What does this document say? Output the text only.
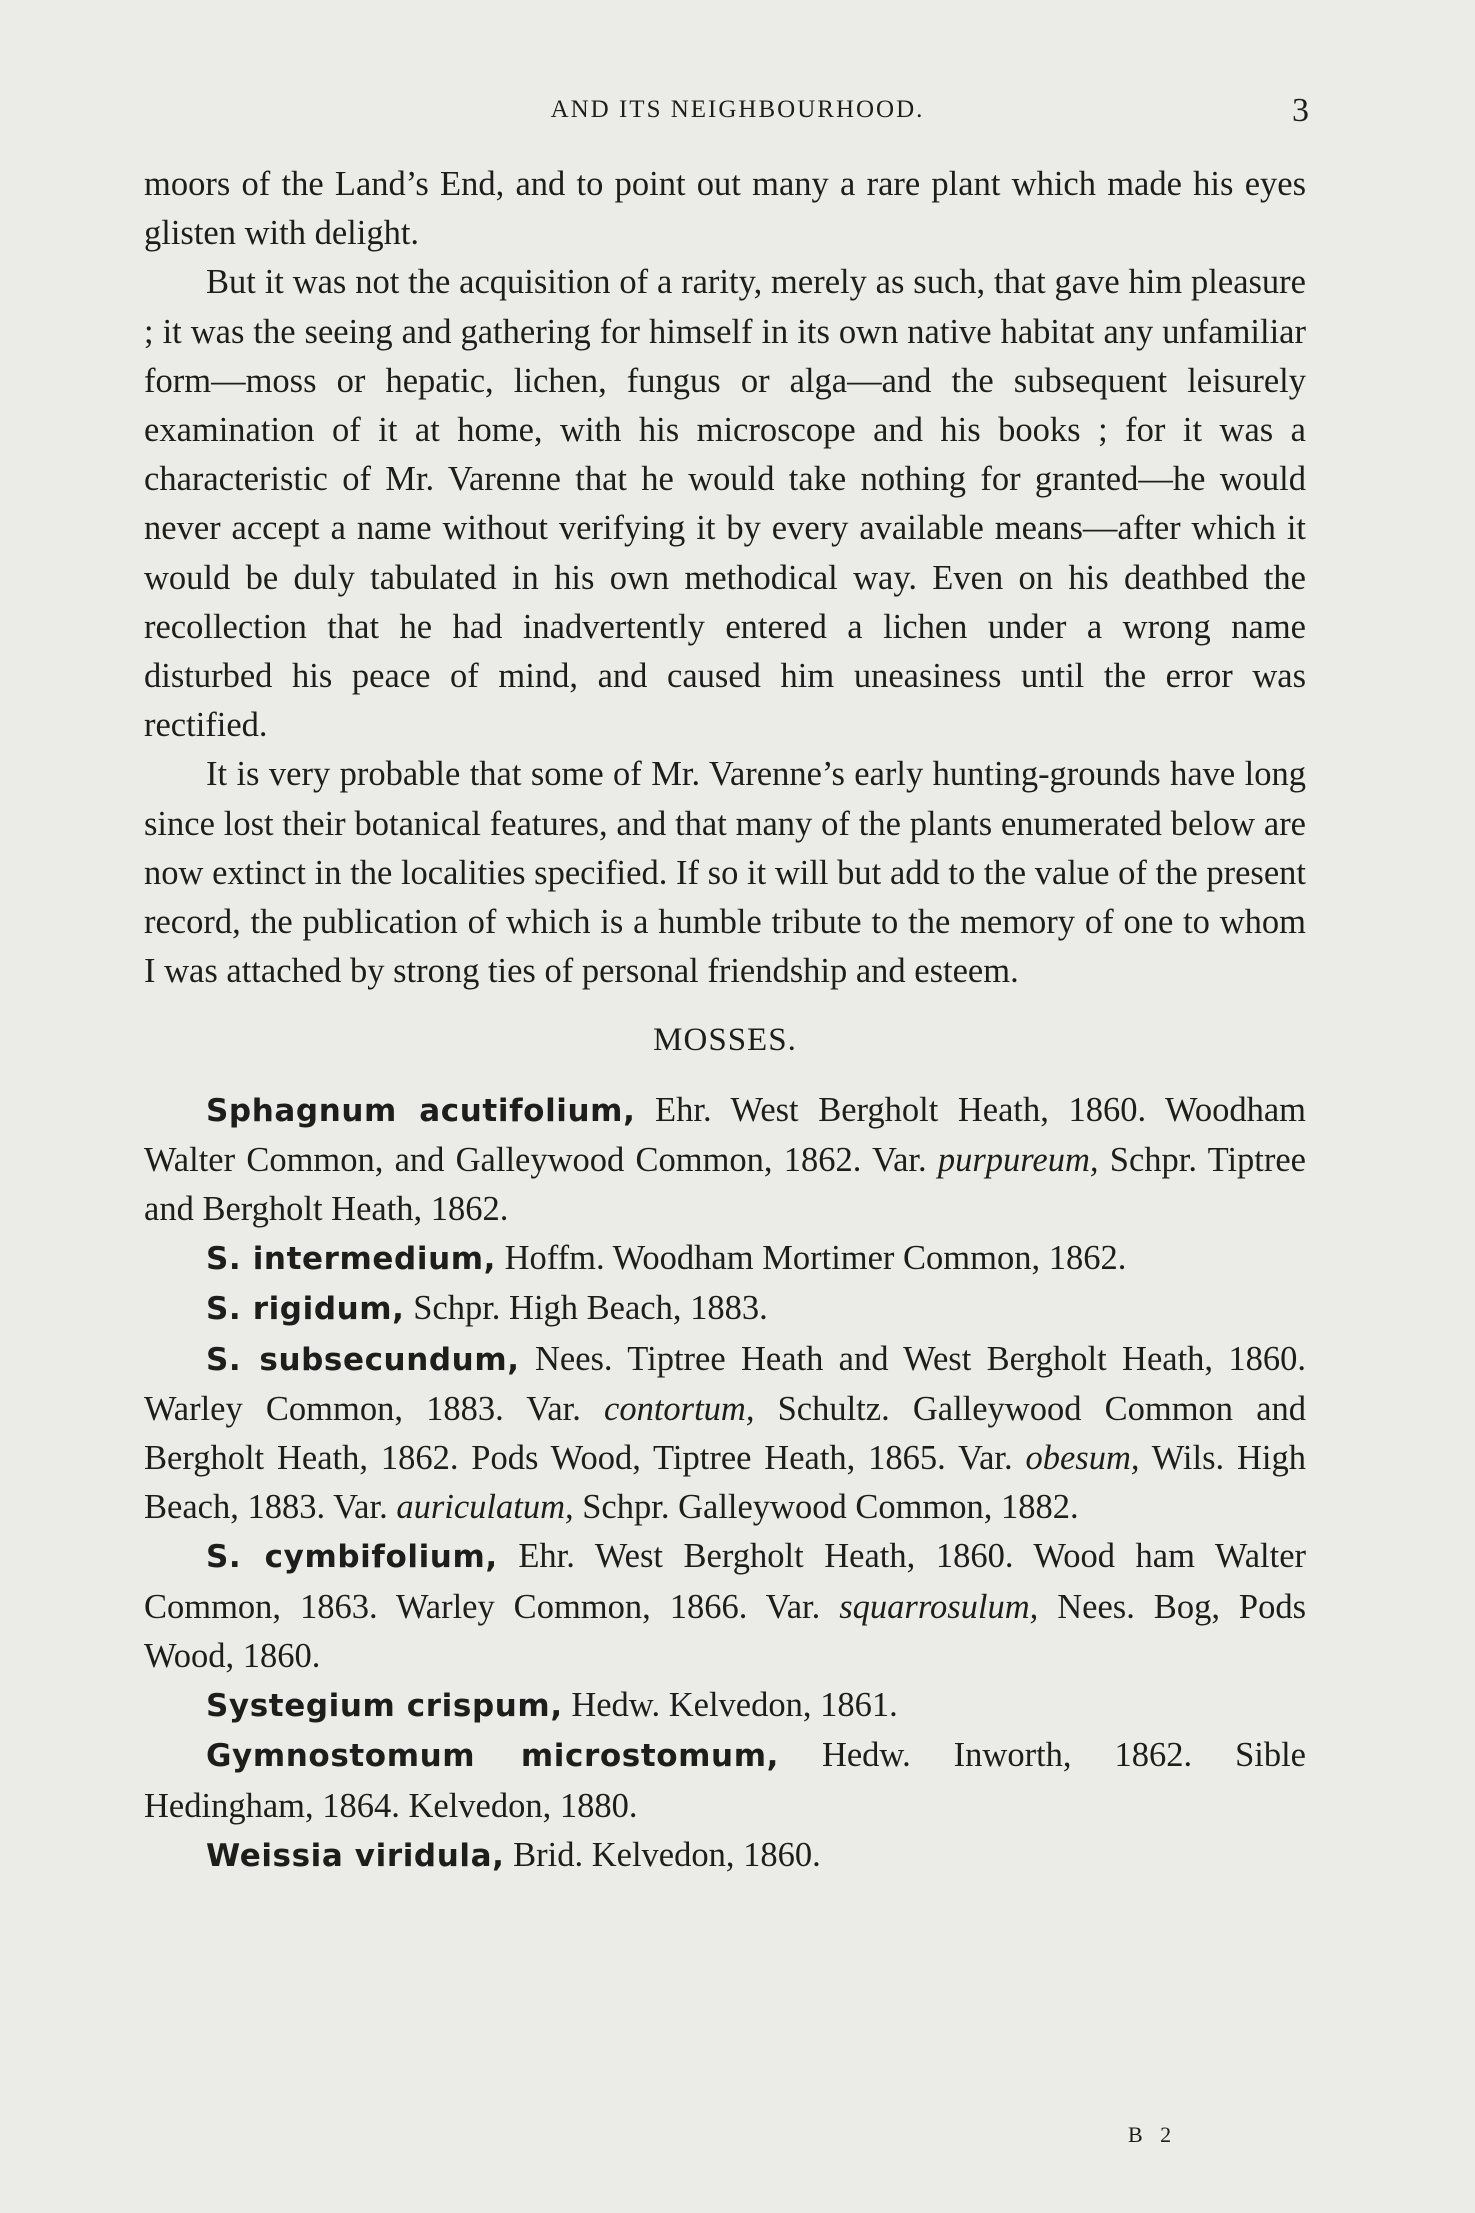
AND ITS NEIGHBOURHOOD.	3

moors of the Land’s End, and to point out many a rare plant which made his eyes glisten with delight.

But it was not the acquisition of a rarity, merely as such, that gave him pleasure ; it was the seeing and gathering for himself in its own native habitat any unfamiliar form—moss or hepatic, lichen, fungus or alga—and the subsequent leisurely examination of it at home, with his microscope and his books ; for it was a characteristic of Mr. Varenne that he would take nothing for granted—he would never accept a name without verifying it by every available means—after which it would be duly tabulated in his own methodical way. Even on his deathbed the recollection that he had inadvertently entered a lichen under a wrong name disturbed his peace of mind, and caused him uneasiness until the error was rectified.

It is very probable that some of Mr. Varenne’s early hunting-grounds have long since lost their botanical features, and that many of the plants enumerated below are now extinct in the localities specified. If so it will but add to the value of the present record, the publication of which is a humble tribute to the memory of one to whom I was attached by strong ties of personal friendship and esteem.

MOSSES.

Sphagnum acutifolium, Ehr. West Bergholt Heath, 1860. Woodham Walter Common, and Galleywood Common, 1862. Var. purpureum, Schpr. Tiptree and Bergholt Heath, 1862.

S. intermedium, Hoffm. Woodham Mortimer Common, 1862.

S. rigidum, Schpr. High Beach, 1883.

S. subsecundum, Nees. Tiptree Heath and West Bergholt Heath, 1860. Warley Common, 1883. Var. contortum, Schultz. Galleywood Common and Bergholt Heath, 1862. Pods Wood, Tiptree Heath, 1865. Var. obesum, Wils. High Beach, 1883. Var. auriculatum, Schpr. Galleywood Common, 1882.

S. cymbifolium, Ehr. West Bergholt Heath, 1860. Wood ham Walter Common, 1863. Warley Common, 1866. Var. squarrosulum, Nees. Bog, Pods Wood, 1860.

Systegium crispum, Hedw. Kelvedon, 1861.

Gymnostomum microstomum, Hedw. Inworth, 1862. Sible Hedingham, 1864. Kelvedon, 1880.

Weissia viridula, Brid. Kelvedon, 1860.

B 2
